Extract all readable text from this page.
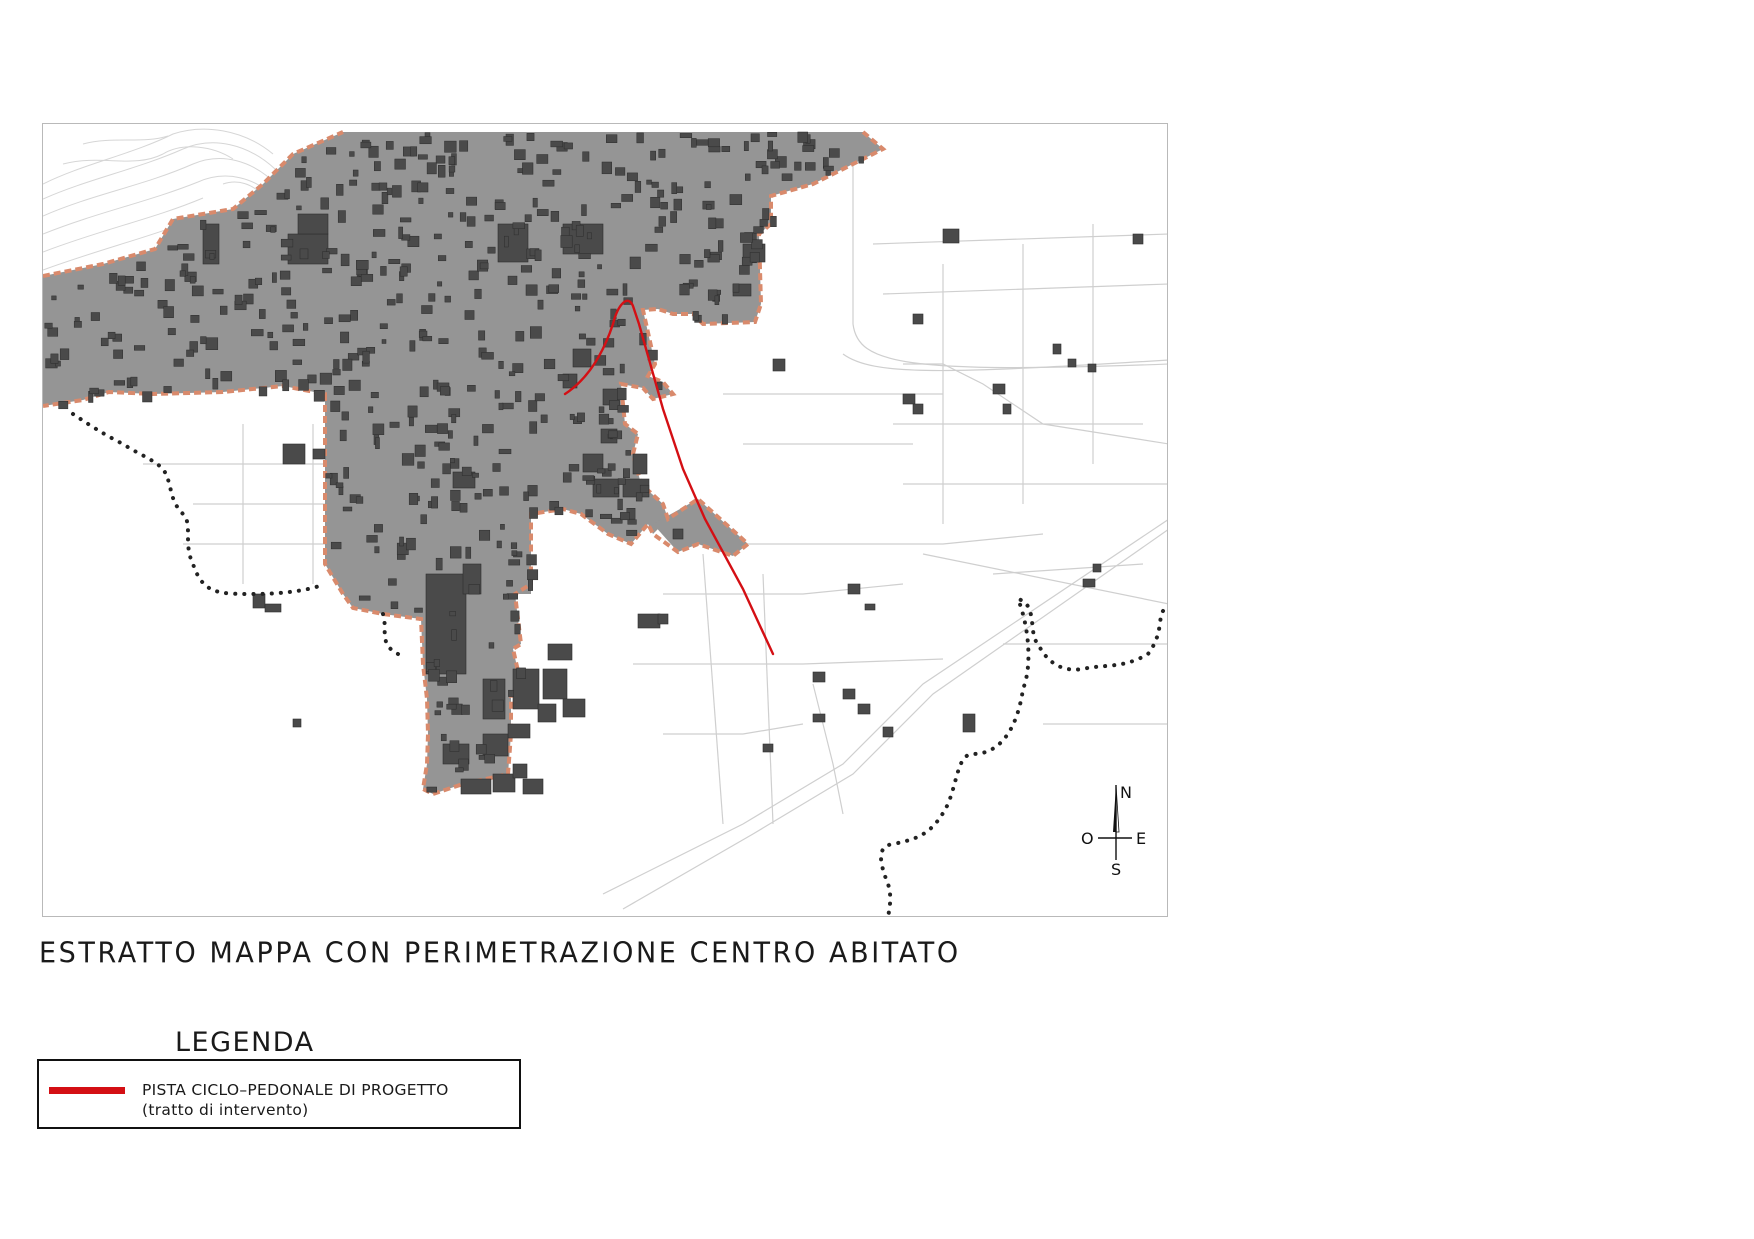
N
O	E
S
ESTRATTO MAPPA CON PERIMETRAZIONE CENTRO ABITATO
LEGENDA
PISTA CICLO–PEDONALE DI PROGETTO
(tratto di intervento)
